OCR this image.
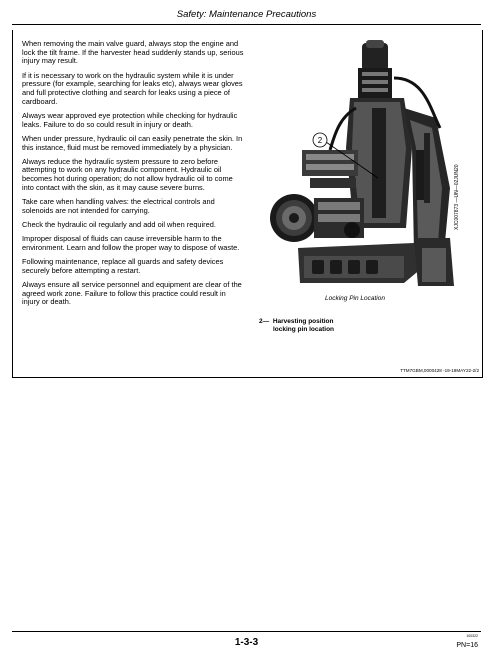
Safety: Maintenance Precautions

When removing the main valve guard, always stop the engine and lock the tilt frame. If the harvester head suddenly stands up, serious injury may result.

If it is necessary to work on the hydraulic system while it is under pressure (for example, searching for leaks etc), always wear gloves and full protective clothing and search for leaks using a piece of cardboard.

Always wear approved eye protection while checking for hydraulic leaks. Failure to do so could result in injury or death.

When under pressure, hydraulic oil can easily penetrate the skin. In this instance, fluid must be removed immediately by a physician.

Always reduce the hydraulic system pressure to zero before attempting to work on any hydraulic component. Hydraulic oil becomes hot during operation; do not allow hydraulic oil to come into contact with the skin, as it may cause severe burns.

Take care when handling valves: the electrical controls and solenoids are not intended for carrying.

Check the hydraulic oil regularly and add oil when required.

Improper disposal of fluids can cause irreversible harm to the environment. Learn and follow the proper way to dispose of waste.

Following maintenance, replace all guards and safety devices securely before attempting a restart.

Always ensure all service personnel and equipment are clear of the agreed work zone. Failure to follow this practice could result in injury or death.

2
XJC007873 —UN—02JUN20
Locking Pin Location
2— Harvesting position
locking pin location
TTM7GBM,0000428 -19-19MAY22-2/2
1-3-3
100322
PN=16
